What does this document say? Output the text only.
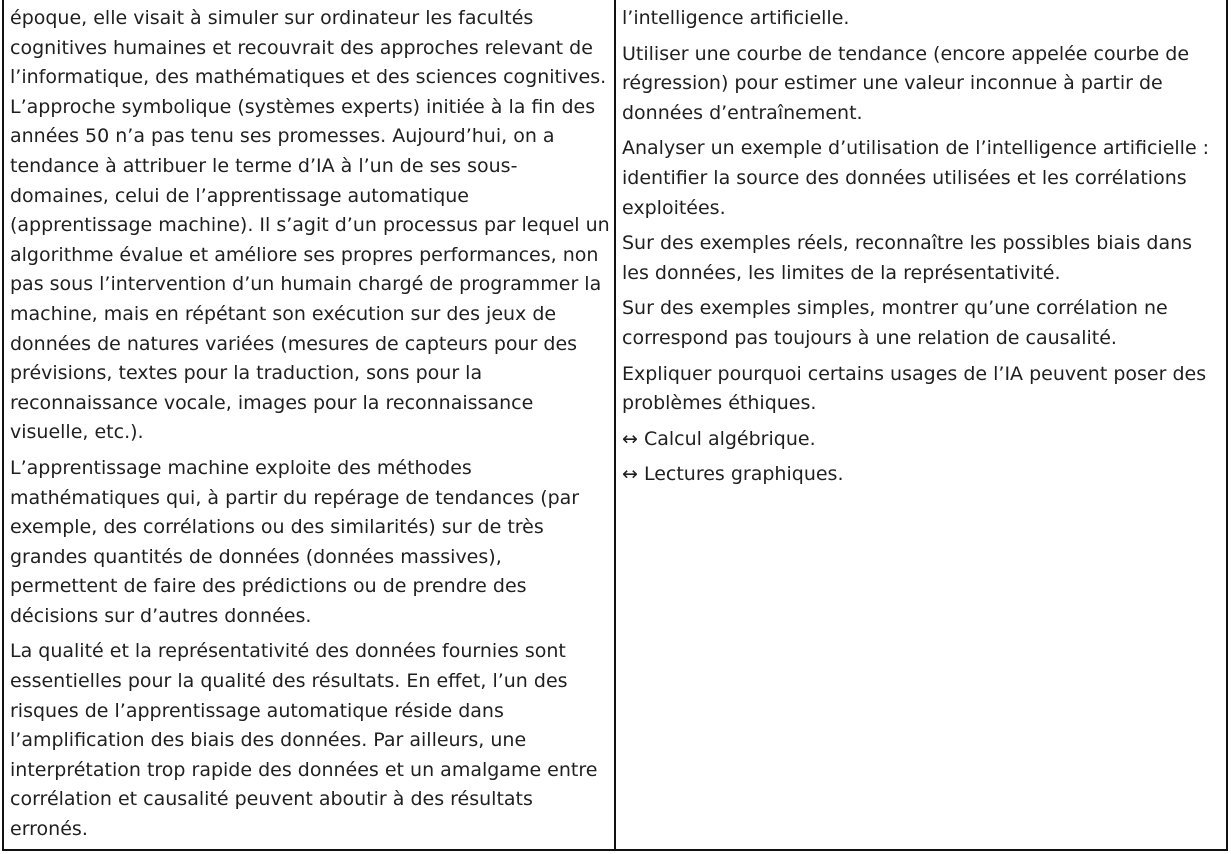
époque, elle visait à simuler sur ordinateur les facultés cognitives humaines et recouvrait des approches relevant de l’informatique, des mathématiques et des sciences cognitives. L’approche symbolique (systèmes experts) initiée à la fin des années 50 n’a pas tenu ses promesses. Aujourd’hui, on a tendance à attribuer le terme d’IA à l’un de ses sous-domaines, celui de l’apprentissage automatique (apprentissage machine). Il s’agit d’un processus par lequel un algorithme évalue et améliore ses propres performances, non pas sous l’intervention d’un humain chargé de programmer la machine, mais en répétant son exécution sur des jeux de données de natures variées (mesures de capteurs pour des prévisions, textes pour la traduction, sons pour la reconnaissance vocale, images pour la reconnaissance visuelle, etc.).

L’apprentissage machine exploite des méthodes mathématiques qui, à partir du repérage de tendances (par exemple, des corrélations ou des similarités) sur de très grandes quantités de données (données massives), permettent de faire des prédictions ou de prendre des décisions sur d’autres données.

La qualité et la représentativité des données fournies sont essentielles pour la qualité des résultats. En effet, l’un des risques de l’apprentissage automatique réside dans l’amplification des biais des données. Par ailleurs, une interprétation trop rapide des données et un amalgame entre corrélation et causalité peuvent aboutir à des résultats erronés.

l’intelligence artificielle.

Utiliser une courbe de tendance (encore appelée courbe de régression) pour estimer une valeur inconnue à partir de données d’entraînement.

Analyser un exemple d’utilisation de l’intelligence artificielle : identifier la source des données utilisées et les corrélations exploitées.

Sur des exemples réels, reconnaître les possibles biais dans les données, les limites de la représentativité.

Sur des exemples simples, montrer qu’une corrélation ne correspond pas toujours à une relation de causalité.

Expliquer pourquoi certains usages de l’IA peuvent poser des problèmes éthiques.

↔ Calcul algébrique.

↔ Lectures graphiques.
